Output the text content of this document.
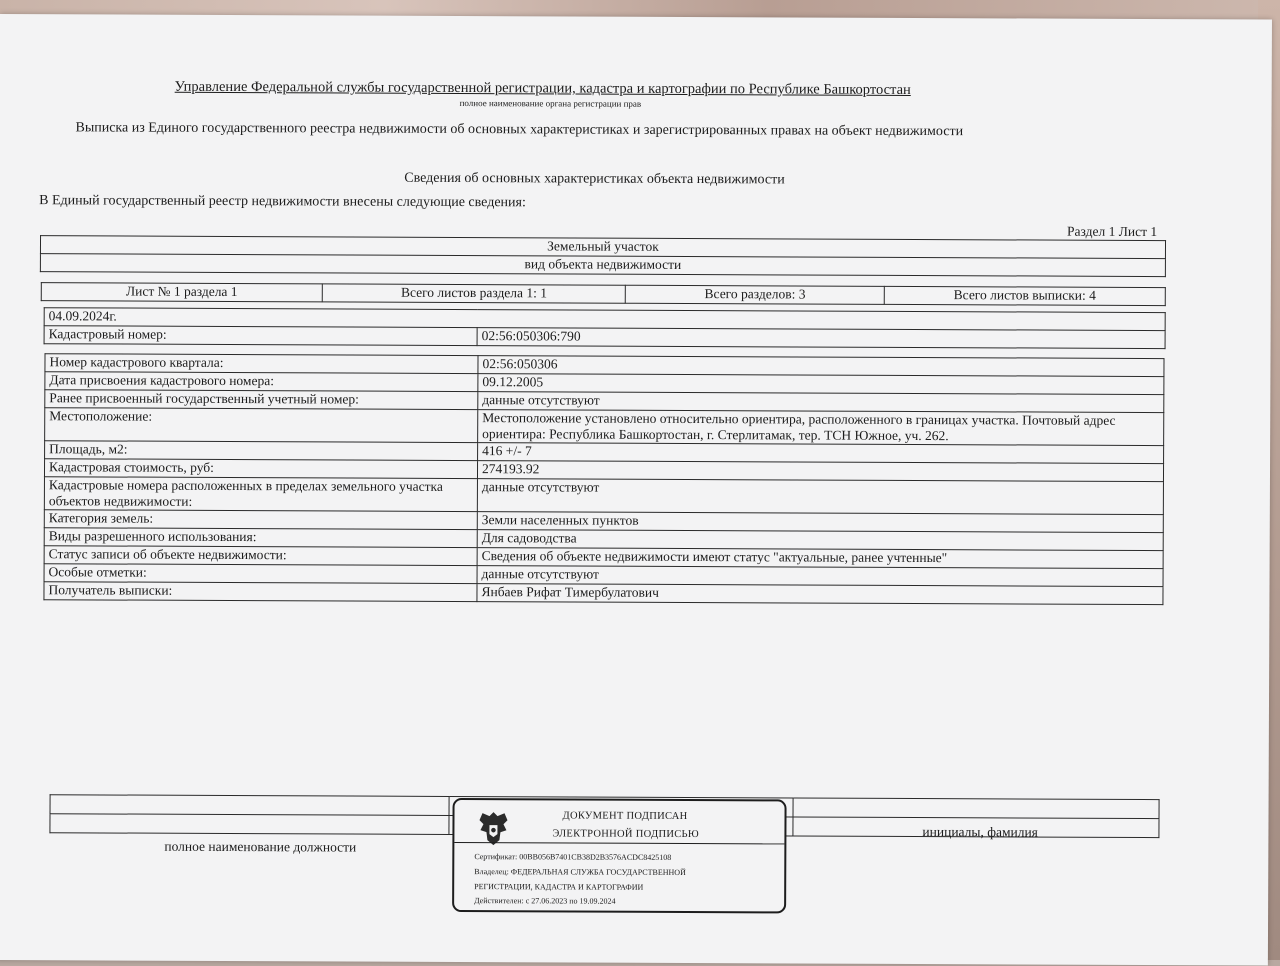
Управление Федеральной службы государственной регистрации, кадастра и картографии по Республике Башкортостан
полное наименование органа регистрации прав
Выписка из Единого государственного реестра недвижимости об основных характеристиках и зарегистрированных правах на объект недвижимости
Сведения об основных характеристиках объекта недвижимости
В Единый государственный реестр недвижимости внесены следующие сведения:
Раздел 1 Лист 1
Земельный участок
вид объекта недвижимости
Лист № 1 раздела 1	Всего листов раздела 1: 1	Всего разделов: 3	Всего листов выписки: 4
04.09.2024г.
Кадастровый номер:	02:56:050306:790
Номер кадастрового квартала:	02:56:050306
Дата присвоения кадастрового номера:	09.12.2005
Ранее присвоенный государственный учетный номер:	данные отсутствуют
Местоположение:	Местоположение установлено относительно ориентира, расположенного в границах участка. Почтовый адрес ориентира: Республика Башкортостан, г. Стерлитамак, тер. ТСН Южное, уч. 262.
Площадь, м2:	416 +/- 7
Кадастровая стоимость, руб:	274193.92
Кадастровые номера расположенных в пределах земельного участка объектов недвижимости:	данные отсутствуют
Категория земель:	Земли населенных пунктов
Виды разрешенного использования:	Для садоводства
Статус записи об объекте недвижимости:	Сведения об объекте недвижимости имеют статус "актуальные, ранее учтенные"
Особые отметки:	данные отсутствуют
Получатель выписки:	Янбаев Рифат Тимербулатович

полное наименование должности
инициалы, фамилия
ДОКУМЕНТ ПОДПИСАН
ЭЛЕКТРОННОЙ ПОДПИСЬЮ
Сертификат: 00BB056B7401CB38D2B3576ACDC8425108
Владелец: ФЕДЕРАЛЬНАЯ СЛУЖБА ГОСУДАРСТВЕННОЙ
РЕГИСТРАЦИИ, КАДАСТРА И КАРТОГРАФИИ
Действителен: с 27.06.2023 по 19.09.2024
